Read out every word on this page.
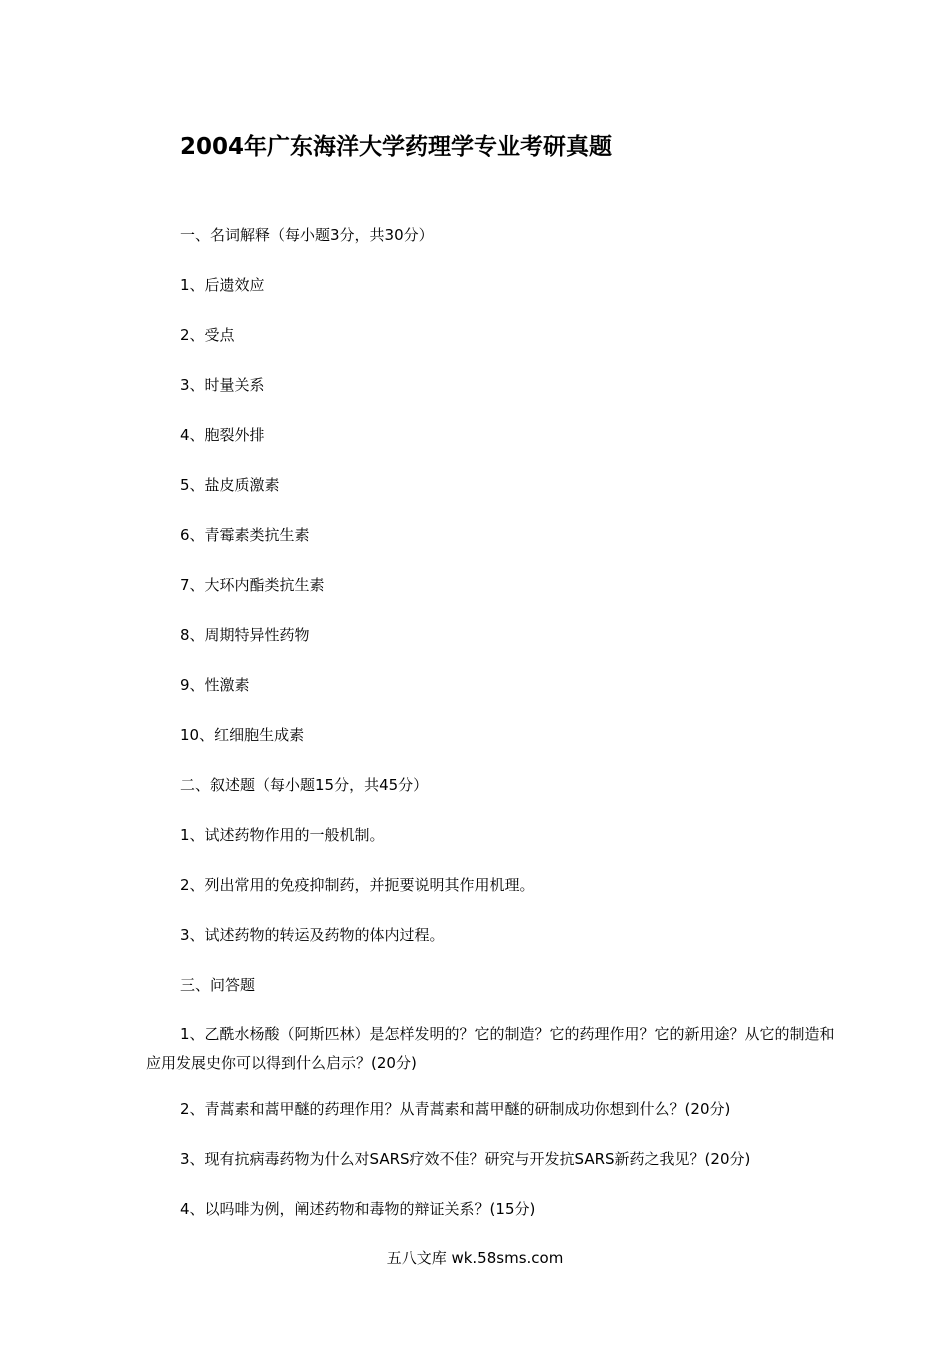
2004年广东海洋大学药理学专业考研真题
一、名词解释（每小题3分，共30分）
1、后遗效应
2、受点
3、时量关系
4、胞裂外排
5、盐皮质激素
6、青霉素类抗生素
7、大环内酯类抗生素
8、周期特异性药物
9、性激素
10、红细胞生成素
二、叙述题（每小题15分，共45分）
1、试述药物作用的一般机制。
2、列出常用的免疫抑制药，并扼要说明其作用机理。
3、试述药物的转运及药物的体内过程。
三、问答题
1、乙酰水杨酸（阿斯匹林）是怎样发明的？它的制造？它的药理作用？它的新用途？从它的制造和应用发展史你可以得到什么启示？(20分)
2、青蒿素和蒿甲醚的药理作用？从青蒿素和蒿甲醚的研制成功你想到什么？(20分)
3、现有抗病毒药物为什么对SARS疗效不佳？研究与开发抗SARS新药之我见？(20分)
4、以吗啡为例，阐述药物和毒物的辩证关系？(15分)
五八文库 wk.58sms.com
